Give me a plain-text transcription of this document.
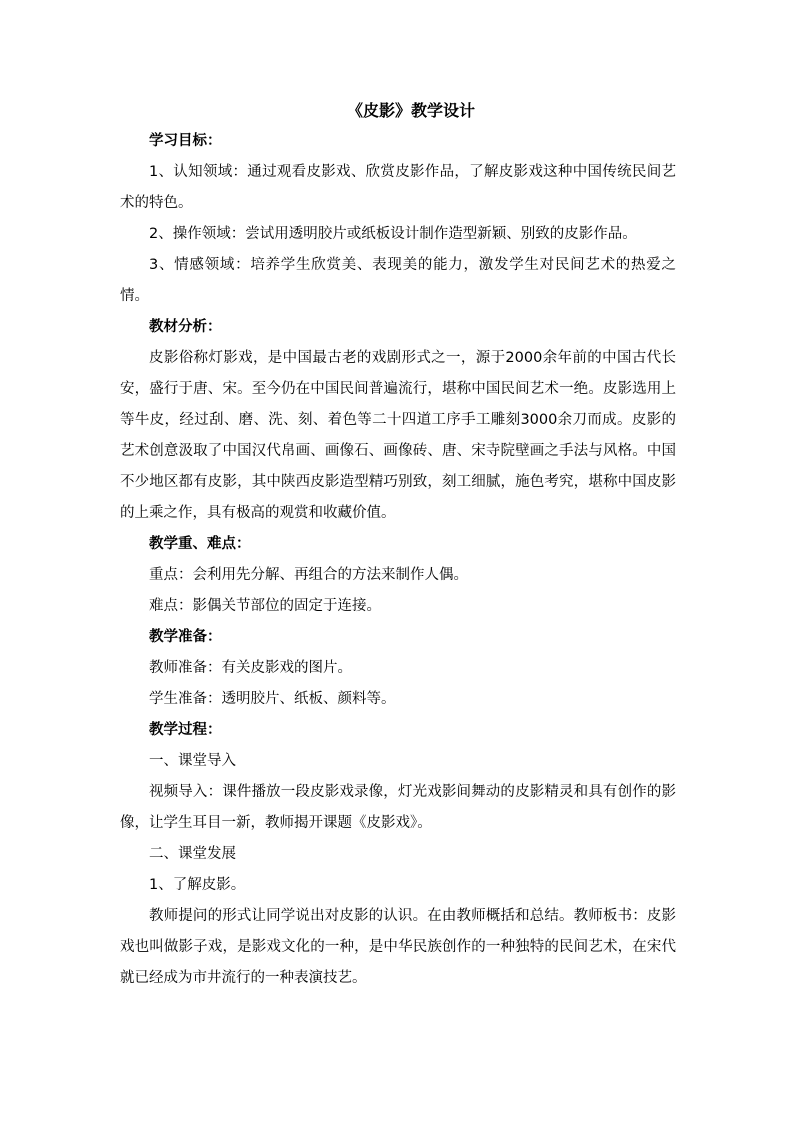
《皮影》教学设计

学习目标：

1、认知领域：通过观看皮影戏、欣赏皮影作品，了解皮影戏这种中国传统民间艺术的特色。

2、操作领域：尝试用透明胶片或纸板设计制作造型新颖、别致的皮影作品。

3、情感领域：培养学生欣赏美、表现美的能力，激发学生对民间艺术的热爱之情。

教材分析：

皮影俗称灯影戏，是中国最古老的戏剧形式之一，源于2000余年前的中国古代长安，盛行于唐、宋。至今仍在中国民间普遍流行，堪称中国民间艺术一绝。皮影选用上等牛皮，经过刮、磨、洗、刻、着色等二十四道工序手工雕刻3000余刀而成。皮影的艺术创意汲取了中国汉代帛画、画像石、画像砖、唐、宋寺院壁画之手法与风格。中国不少地区都有皮影，其中陕西皮影造型精巧别致，刻工细腻，施色考究，堪称中国皮影的上乘之作，具有极高的观赏和收藏价值。

教学重、难点：

重点：会利用先分解、再组合的方法来制作人偶。

难点：影偶关节部位的固定于连接。

教学准备：

教师准备：有关皮影戏的图片。

学生准备：透明胶片、纸板、颜料等。

教学过程：

一、课堂导入

视频导入：课件播放一段皮影戏录像，灯光戏影间舞动的皮影精灵和具有创作的影像，让学生耳目一新，教师揭开课题《皮影戏》。

二、课堂发展

1、了解皮影。

教师提问的形式让同学说出对皮影的认识。在由教师概括和总结。教师板书：皮影戏也叫做影子戏，是影戏文化的一种，是中华民族创作的一种独特的民间艺术，在宋代就已经成为市井流行的一种表演技艺。
